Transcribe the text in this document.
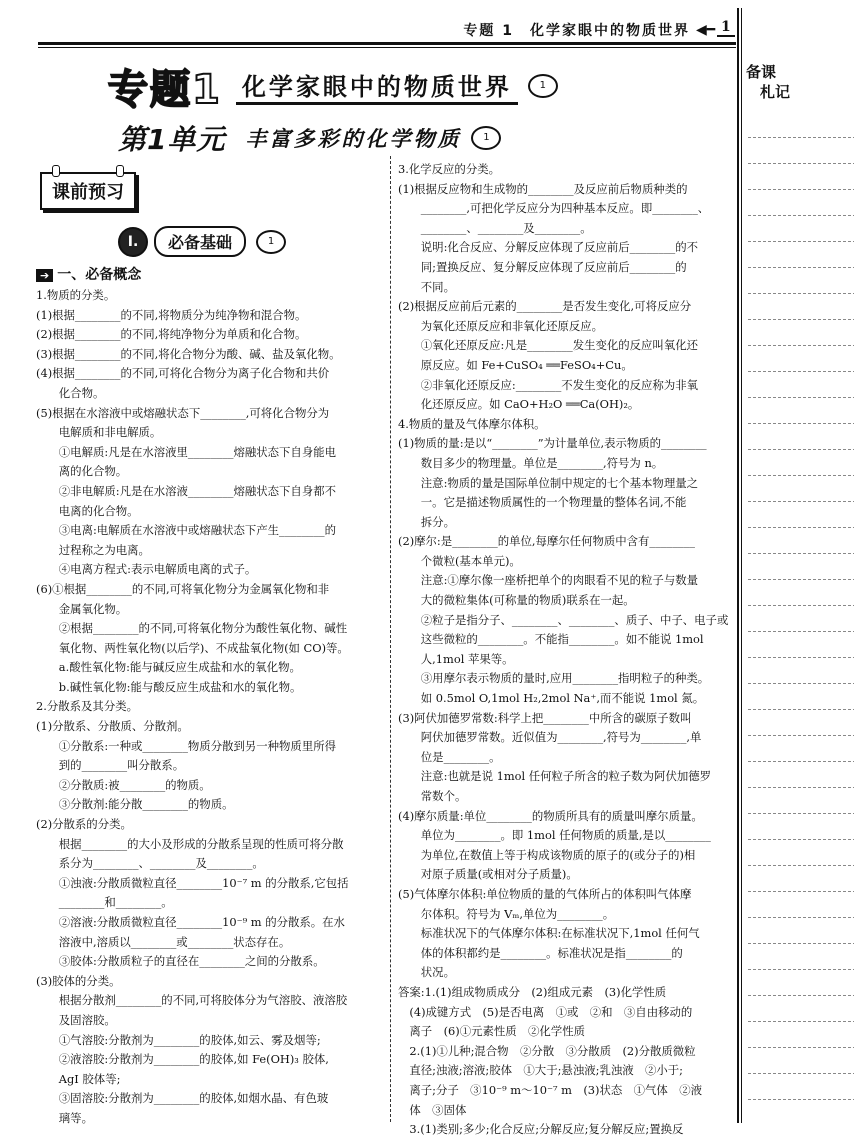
专题 1　化学家眼中的物质世界 ◀━ 1
备课
札记
专题1 化学家眼中的物质世界	1
第1单元 丰富多彩的化学物质	1
课前预习
I.	必备基础	1
➔ 一、必备概念

1.物质的分类。

(1)根据________的不同,将物质分为纯净物和混合物。

(2)根据________的不同,将纯净物分为单质和化合物。

(3)根据________的不同,将化合物分为酸、碱、盐及氧化物。

(4)根据________的不同,可将化合物分为离子化合物和共价

　　化合物。

(5)根据在水溶液中或熔融状态下________,可将化合物分为

　　电解质和非电解质。

　　①电解质:凡是在水溶液里________熔融状态下自身能电

　　离的化合物。

　　②非电解质:凡是在水溶液________熔融状态下自身都不

　　电离的化合物。

　　③电离:电解质在水溶液中或熔融状态下产生________的

　　过程称之为电离。

　　④电离方程式:表示电解质电离的式子。

(6)①根据________的不同,可将氧化物分为金属氧化物和非

　　金属氧化物。

　　②根据________的不同,可将氧化物分为酸性氧化物、碱性

　　氧化物、两性氧化物(以后学)、不成盐氧化物(如 CO)等。

　　a.酸性氧化物:能与碱反应生成盐和水的氧化物。

　　b.碱性氧化物:能与酸反应生成盐和水的氧化物。

2.分散系及其分类。

(1)分散系、分散质、分散剂。

　　①分散系:一种或________物质分散到另一种物质里所得

　　到的________叫分散系。

　　②分散质:被________的物质。

　　③分散剂:能分散________的物质。

(2)分散系的分类。

　　根据________的大小及形成的分散系呈现的性质可将分散

　　系分为________、________及________。

　　①浊液:分散质微粒直径________10⁻⁷ m 的分散系,它包括

　　________和________。

　　②溶液:分散质微粒直径________10⁻⁹ m 的分散系。在水

　　溶液中,溶质以________或________状态存在。

　　③胶体:分散质粒子的直径在________之间的分散系。

(3)胶体的分类。

　　根据分散剂________的不同,可将胶体分为气溶胶、液溶胶

　　及固溶胶。

　　①气溶胶:分散剂为________的胶体,如云、雾及烟等;

　　②液溶胶:分散剂为________的胶体,如 Fe(OH)₃ 胶体,

　　AgI 胶体等;

　　③固溶胶:分散剂为________的胶体,如烟水晶、有色玻

　　璃等。

3.化学反应的分类。

(1)根据反应物和生成物的________及反应前后物质种类的

　　________,可把化学反应分为四种基本反应。即________、

　　________、________及________。

　　说明:化合反应、分解反应体现了反应前后________的不

　　同;置换反应、复分解反应体现了反应前后________的

　　不同。

(2)根据反应前后元素的________是否发生变化,可将反应分

　　为氧化还原反应和非氧化还原反应。

　　①氧化还原反应:凡是________发生变化的反应叫氧化还

　　原反应。如 Fe+CuSO₄ ══FeSO₄+Cu。

　　②非氧化还原反应:________不发生变化的反应称为非氧

　　化还原反应。如 CaO+H₂O ══Ca(OH)₂。

4.物质的量及气体摩尔体积。

(1)物质的量:是以“________”为计量单位,表示物质的________

　　数目多少的物理量。单位是________,符号为 n。

　　注意:物质的量是国际单位制中规定的七个基本物理量之

　　一。它是描述物质属性的一个物理量的整体名词,不能

　　拆分。

(2)摩尔:是________的单位,每摩尔任何物质中含有________

　　个微粒(基本单元)。

　　注意:①摩尔像一座桥把单个的肉眼看不见的粒子与数量

　　大的微粒集体(可称量的物质)联系在一起。

　　②粒子是指分子、________、________、质子、中子、电子或

　　这些微粒的________。不能指________。如不能说 1mol

　　人,1mol 苹果等。

　　③用摩尔表示物质的量时,应用________指明粒子的种类。

　　如 0.5mol O,1mol H₂,2mol Na⁺,而不能说 1mol 氮。

(3)阿伏加德罗常数:科学上把________中所含的碳原子数叫

　　阿伏加德罗常数。近似值为________,符号为________,单

　　位是________。

　　注意:也就是说 1mol 任何粒子所含的粒子数为阿伏加德罗

　　常数个。

(4)摩尔质量:单位________的物质所具有的质量叫摩尔质量。

　　单位为________。即 1mol 任何物质的质量,是以________

　　为单位,在数值上等于构成该物质的原子的(或分子的)相

　　对原子质量(或相对分子质量)。

(5)气体摩尔体积:单位物质的量的气体所占的体积叫气体摩

　　尔体积。符号为 Vₘ,单位为________。

　　标准状况下的气体摩尔体积:在标准状况下,1mol 任何气

　　体的体积都约是________。标准状况是指________的

　　状况。

答案:1.(1)组成物质成分　(2)组成元素　(3)化学性质

　(4)成键方式　(5)是否电离　①或　②和　③自由移动的

　离子　(6)①元素性质　②化学性质

　2.(1)①儿种;混合物　②分散　③分散质　(2)分散质微粒

　直径;浊液;溶液;胶体　①大于;悬浊液;乳浊液　②小于;

　离子;分子　③10⁻⁹ m～10⁻⁷ m　(3)状态　①气体　②液

　体　③固体

　3.(1)类别;多少;化合反应;分解反应;复分解反应;置换反
